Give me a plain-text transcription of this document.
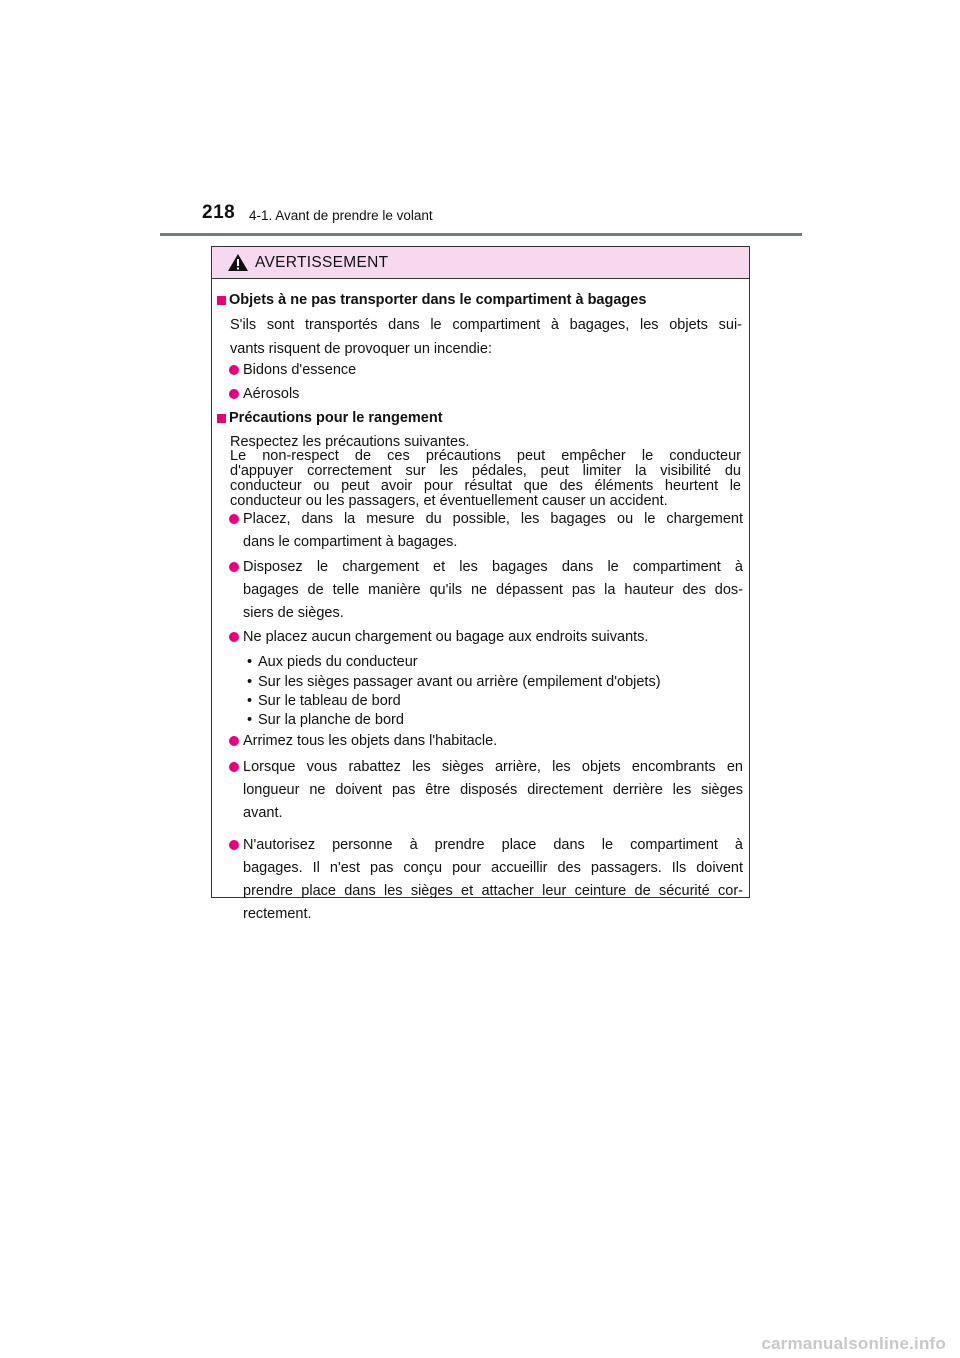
218 4-1. Avant de prendre le volant
AVERTISSEMENT
Objets à ne pas transporter dans le compartiment à bagages
S'ils sont transportés dans le compartiment à bagages, les objets sui-
vants risquent de provoquer un incendie:
Bidons d'essence
Aérosols
Précautions pour le rangement
Respectez les précautions suivantes.
Le non-respect de ces précautions peut empêcher le conducteur
d'appuyer correctement sur les pédales, peut limiter la visibilité du
conducteur ou peut avoir pour résultat que des éléments heurtent le
conducteur ou les passagers, et éventuellement causer un accident.
Placez, dans la mesure du possible, les bagages ou le chargement
dans le compartiment à bagages.
Disposez le chargement et les bagages dans le compartiment à
bagages de telle manière qu'ils ne dépassent pas la hauteur des dos-
siers de sièges.
Ne placez aucun chargement ou bagage aux endroits suivants.
• Aux pieds du conducteur
• Sur les sièges passager avant ou arrière (empilement d'objets)
• Sur le tableau de bord
• Sur la planche de bord
Arrimez tous les objets dans l'habitacle.
Lorsque vous rabattez les sièges arrière, les objets encombrants en
longueur ne doivent pas être disposés directement derrière les sièges
avant.
N'autorisez personne à prendre place dans le compartiment à
bagages. Il n'est pas conçu pour accueillir des passagers. Ils doivent
prendre place dans les sièges et attacher leur ceinture de sécurité cor-
rectement.
carmanualsonline.info
